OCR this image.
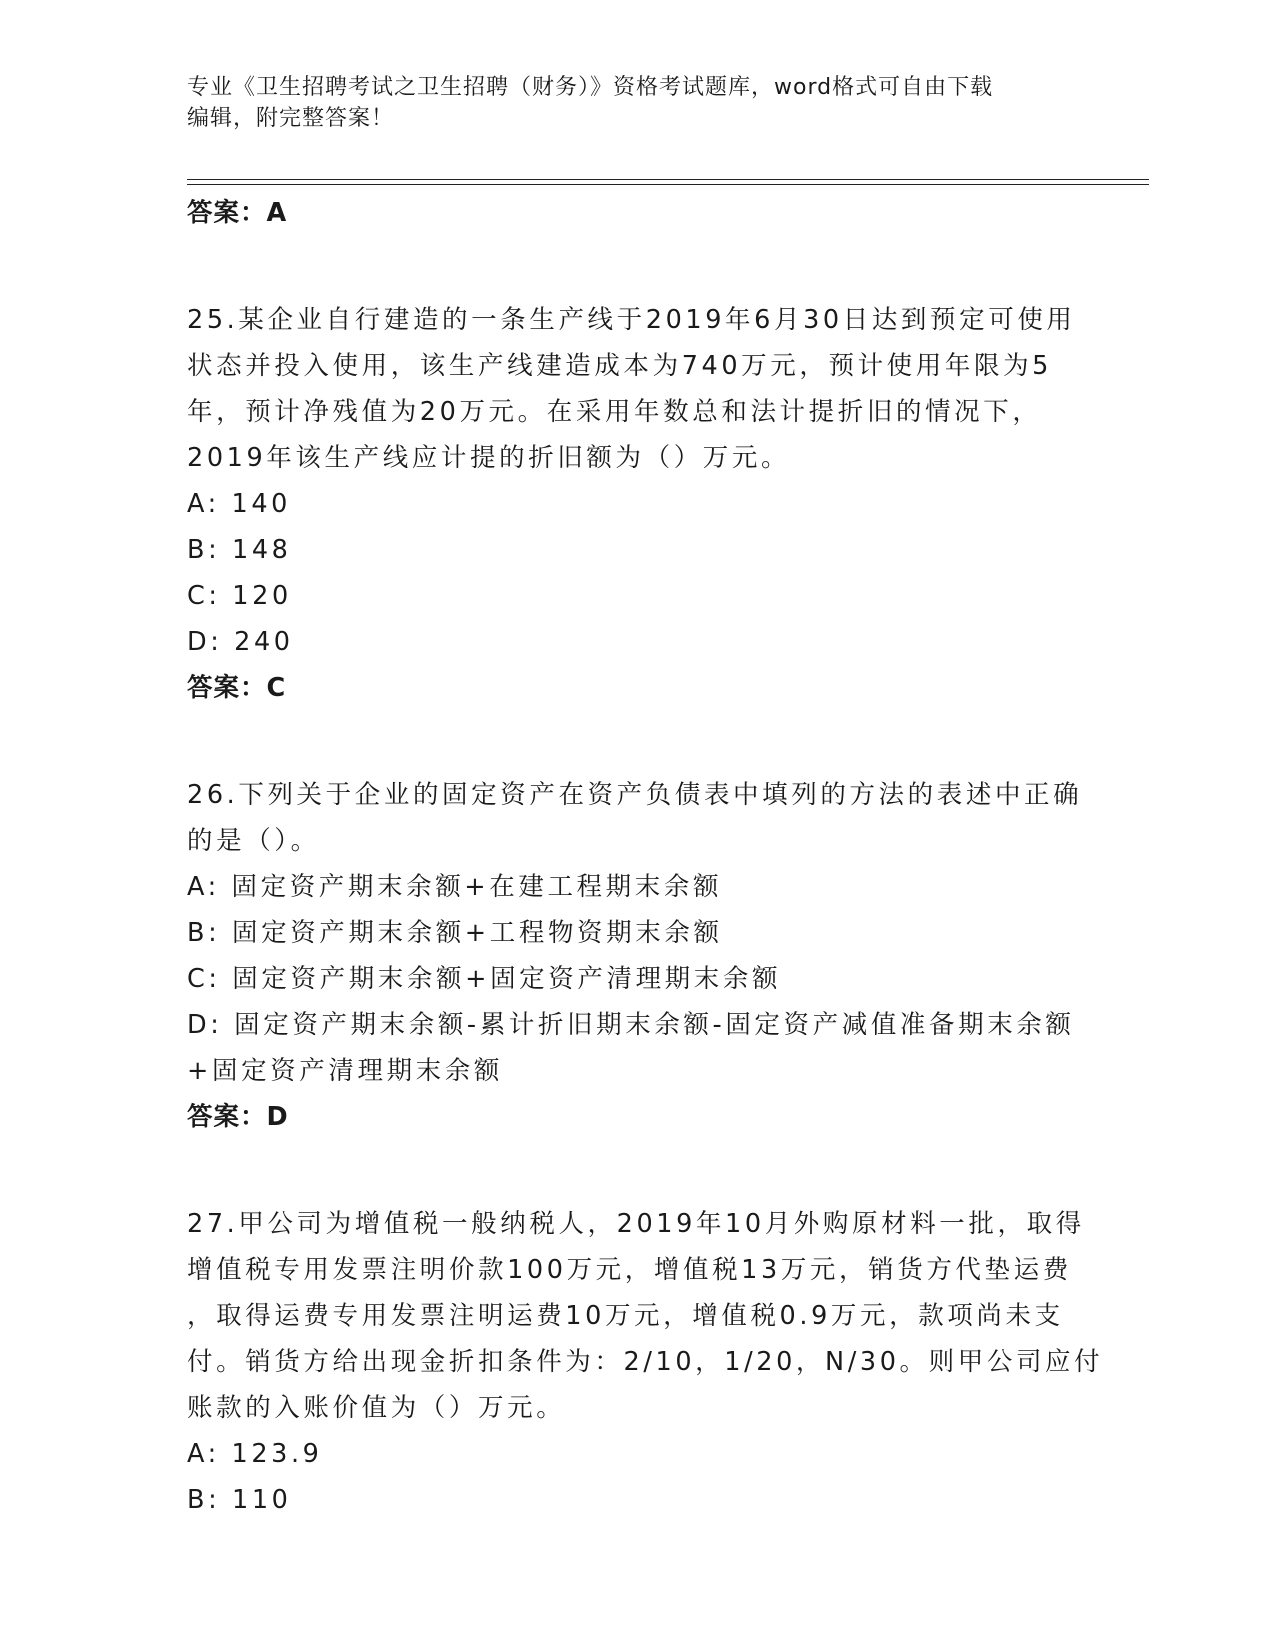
专业《卫生招聘考试之卫生招聘（财务）》资格考试题库，word格式可自由下载
编辑，附完整答案！
答案：A
25.某企业自行建造的一条生产线于2019年6月30日达到预定可使用
状态并投入使用，该生产线建造成本为740万元，预计使用年限为5
年，预计净残值为20万元。在采用年数总和法计提折旧的情况下，
2019年该生产线应计提的折旧额为（）万元。
A: 140
B: 148
C: 120
D: 240
答案：C
26.下列关于企业的固定资产在资产负债表中填列的方法的表述中正确
的是（）。
A: 固定资产期末余额+在建工程期末余额
B: 固定资产期末余额+工程物资期末余额
C: 固定资产期末余额+固定资产清理期末余额
D: 固定资产期末余额-累计折旧期末余额-固定资产减值准备期末余额
+固定资产清理期末余额
答案：D
27.甲公司为增值税一般纳税人，2019年10月外购原材料一批，取得
增值税专用发票注明价款100万元，增值税13万元，销货方代垫运费
，取得运费专用发票注明运费10万元，增值税0.9万元，款项尚未支
付。销货方给出现金折扣条件为：2/10，1/20，N/30。则甲公司应付
账款的入账价值为（）万元。
A: 123.9
B: 110
